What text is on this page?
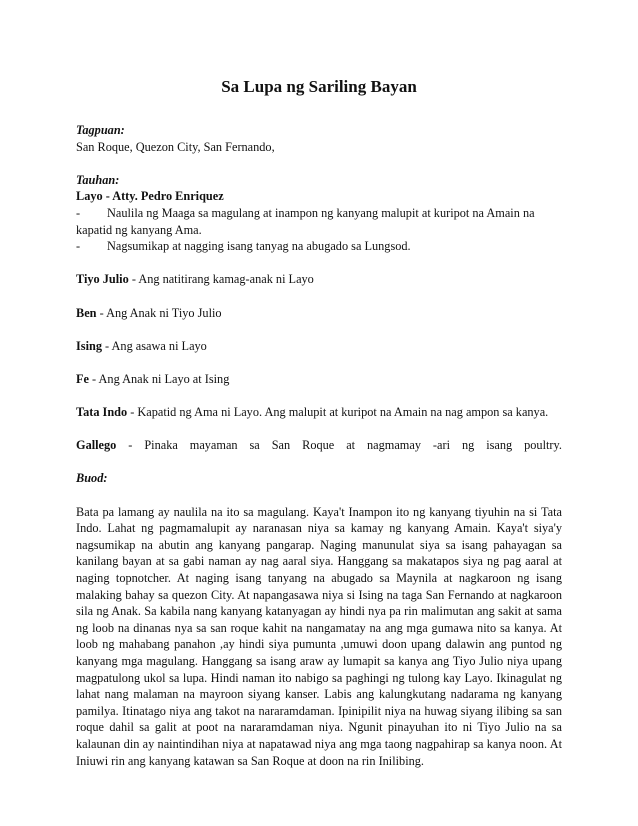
Sa Lupa ng Sariling Bayan
Tagpuan:
San Roque, Quezon City, San Fernando,
Tauhan:
Layo - Atty. Pedro Enriquez
-	Naulila ng Maaga sa magulang at inampon ng kanyang malupit at kuripot na Amain na
kapatid ng kanyang Ama.
-	Nagsumikap at nagging isang tanyag na abugado sa Lungsod.
Tiyo Julio - Ang natitirang kamag-anak ni Layo
Ben - Ang Anak ni Tiyo Julio
Ising - Ang asawa ni Layo
Fe - Ang Anak ni Layo at Ising
Tata Indo - Kapatid ng Ama ni Layo. Ang malupit at kuripot na Amain na nag ampon sa kanya.
Gallego - Pinaka mayaman sa San Roque at nagmamay -ari ng isang poultry.
Buod:
Bata pa lamang ay naulila na ito sa magulang. Kaya't Inampon ito ng kanyang tiyuhin na si Tata Indo. Lahat ng pagmamalupit ay naranasan niya sa kamay ng kanyang Amain. Kaya't siya'y nagsumikap na abutin ang kanyang pangarap. Naging manunulat siya sa isang pahayagan sa kanilang bayan at sa gabi naman ay nag aaral siya. Hanggang sa makatapos siya ng pag aaral at naging topnotcher. At naging isang tanyang na abugado sa Maynila at nagkaroon ng isang malaking bahay sa quezon City. At napangasawa niya si Ising na taga San Fernando at nagkaroon sila ng Anak. Sa kabila nang kanyang katanyagan ay hindi nya pa rin malimutan ang sakit at sama ng loob na dinanas nya sa san roque kahit na nangamatay na ang mga gumawa nito sa kanya. At loob ng mahabang panahon ,ay hindi siya pumunta ,umuwi doon upang dalawin ang puntod ng kanyang mga magulang. Hanggang sa isang araw ay lumapit sa kanya ang Tiyo Julio niya upang magpatulong ukol sa lupa. Hindi naman ito nabigo sa paghingi ng tulong kay Layo. Ikinagulat ng lahat nang malaman na mayroon siyang kanser. Labis ang kalungkutang nadarama ng kanyang pamilya. Itinatago niya ang takot na nararamdaman. Ipinipilit niya na huwag siyang ilibing sa san roque dahil sa galit at poot na nararamdaman niya. Ngunit pinayuhan ito ni Tiyo Julio na sa kalaunan din ay naintindihan niya at napatawad niya ang mga taong nagpahirap sa kanya noon. At Iniuwi rin ang kanyang katawan sa San Roque at doon na rin Inilibing.
